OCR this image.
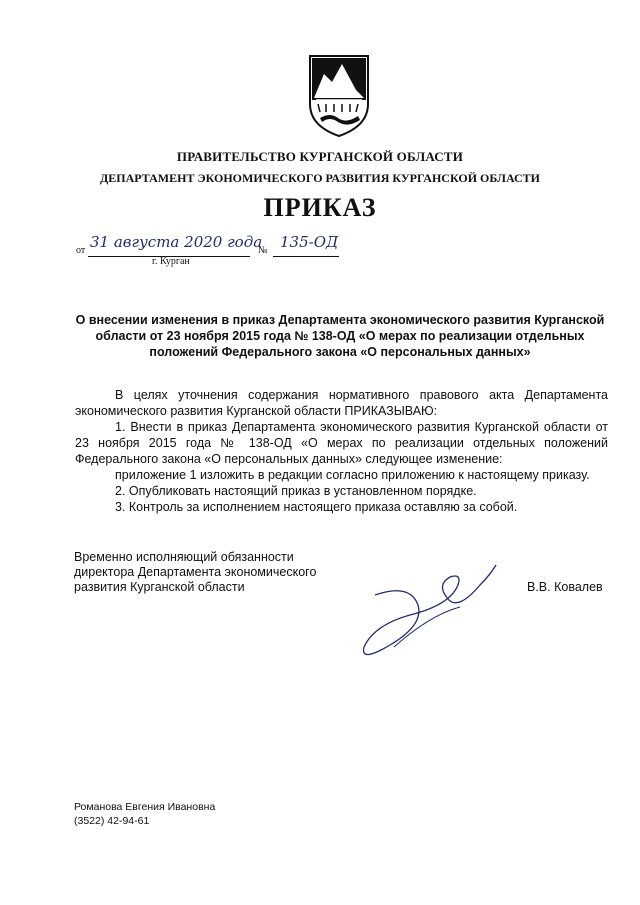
ПРАВИТЕЛЬСТВО КУРГАНСКОЙ ОБЛАСТИ
ДЕПАРТАМЕНТ ЭКОНОМИЧЕСКОГО РАЗВИТИЯ КУРГАНСКОЙ ОБЛАСТИ
ПРИКАЗ
от 31 августа 2020 года
№ 135-ОД
г. Курган
О внесении изменения в приказ Департамента экономического развития Курганской области от 23 ноября 2015 года № 138-ОД «О мерах по реализации отдельных положений Федерального закона «О персональных данных»
В целях уточнения содержания нормативного правового акта Департамента экономического развития Курганской области ПРИКАЗЫВАЮ:
1. Внести в приказ Департамента экономического развития Курганской области от 23 ноября 2015 года № 138-ОД «О мерах по реализации отдельных положений Федерального закона «О персональных данных» следующее изменение:
приложение 1 изложить в редакции согласно приложению к настоящему приказу.
2. Опубликовать настоящий приказ в установленном порядке.
3. Контроль за исполнением настоящего приказа оставляю за собой.
Временно исполняющий обязанности
директора Департамента экономического
развития Курганской области	В.В. Ковалев
Романова Евгения Ивановна
(3522) 42-94-61
